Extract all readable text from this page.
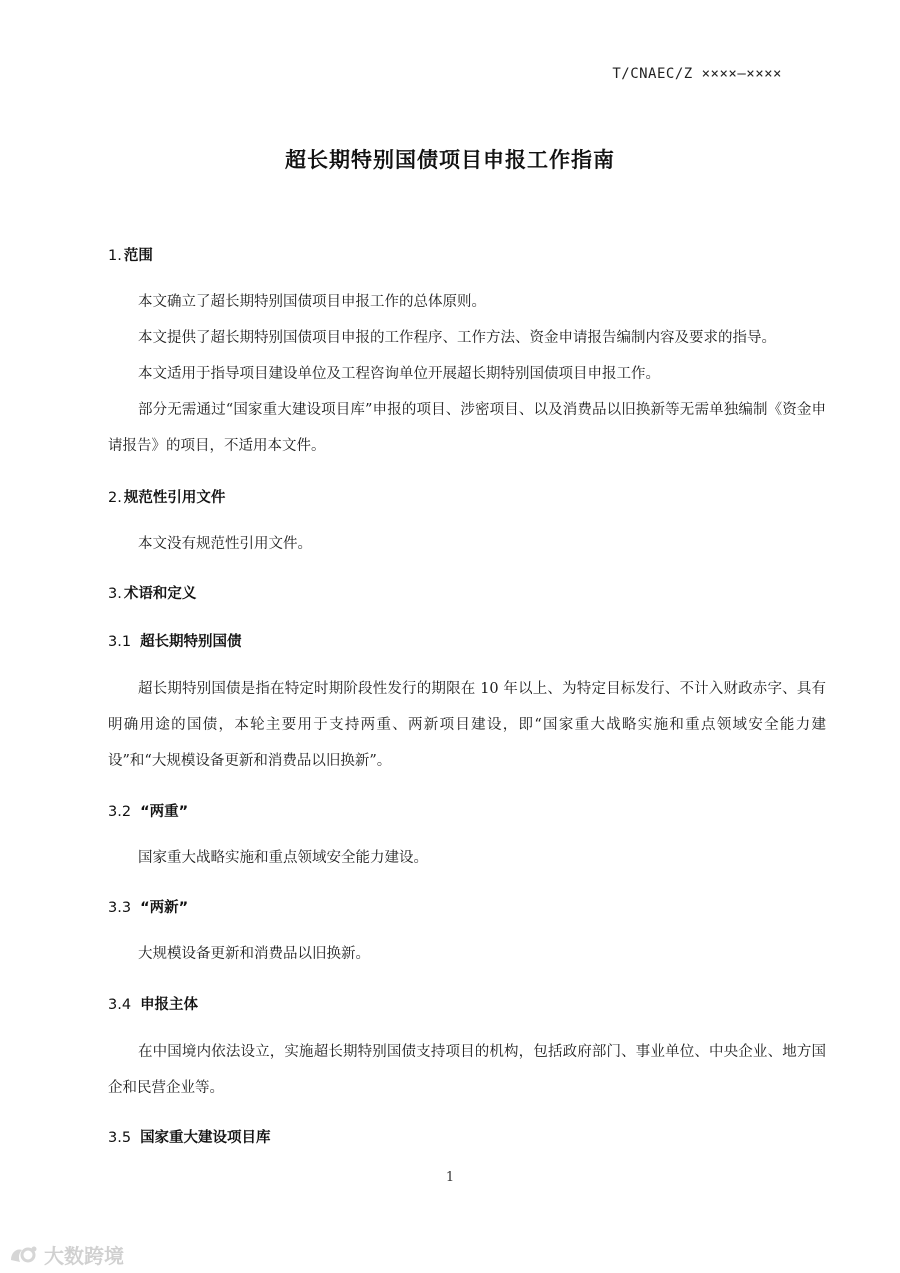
T/CNAEC/Z ××××—××××
超长期特别国债项目申报工作指南
1. 范围
本文确立了超长期特别国债项目申报工作的总体原则。
本文提供了超长期特别国债项目申报的工作程序、工作方法、资金申请报告编制内容及要求的指导。
本文适用于指导项目建设单位及工程咨询单位开展超长期特别国债项目申报工作。
部分无需通过“国家重大建设项目库”申报的项目、涉密项目、以及消费品以旧换新等无需单独编制《资金申请报告》的项目，不适用本文件。
2. 规范性引用文件
本文没有规范性引用文件。
3. 术语和定义
3.1 超长期特别国债
超长期特别国债是指在特定时期阶段性发行的期限在 10 年以上、为特定目标发行、不计入财政赤字、具有明确用途的国债，本轮主要用于支持两重、两新项目建设，即“国家重大战略实施和重点领域安全能力建设”和“大规模设备更新和消费品以旧换新”。
3.2 “两重”
国家重大战略实施和重点领域安全能力建设。
3.3 “两新”
大规模设备更新和消费品以旧换新。
3.4 申报主体
在中国境内依法设立，实施超长期特别国债支持项目的机构，包括政府部门、事业单位、中央企业、地方国企和民营企业等。
3.5 国家重大建设项目库
1
大数跨境
